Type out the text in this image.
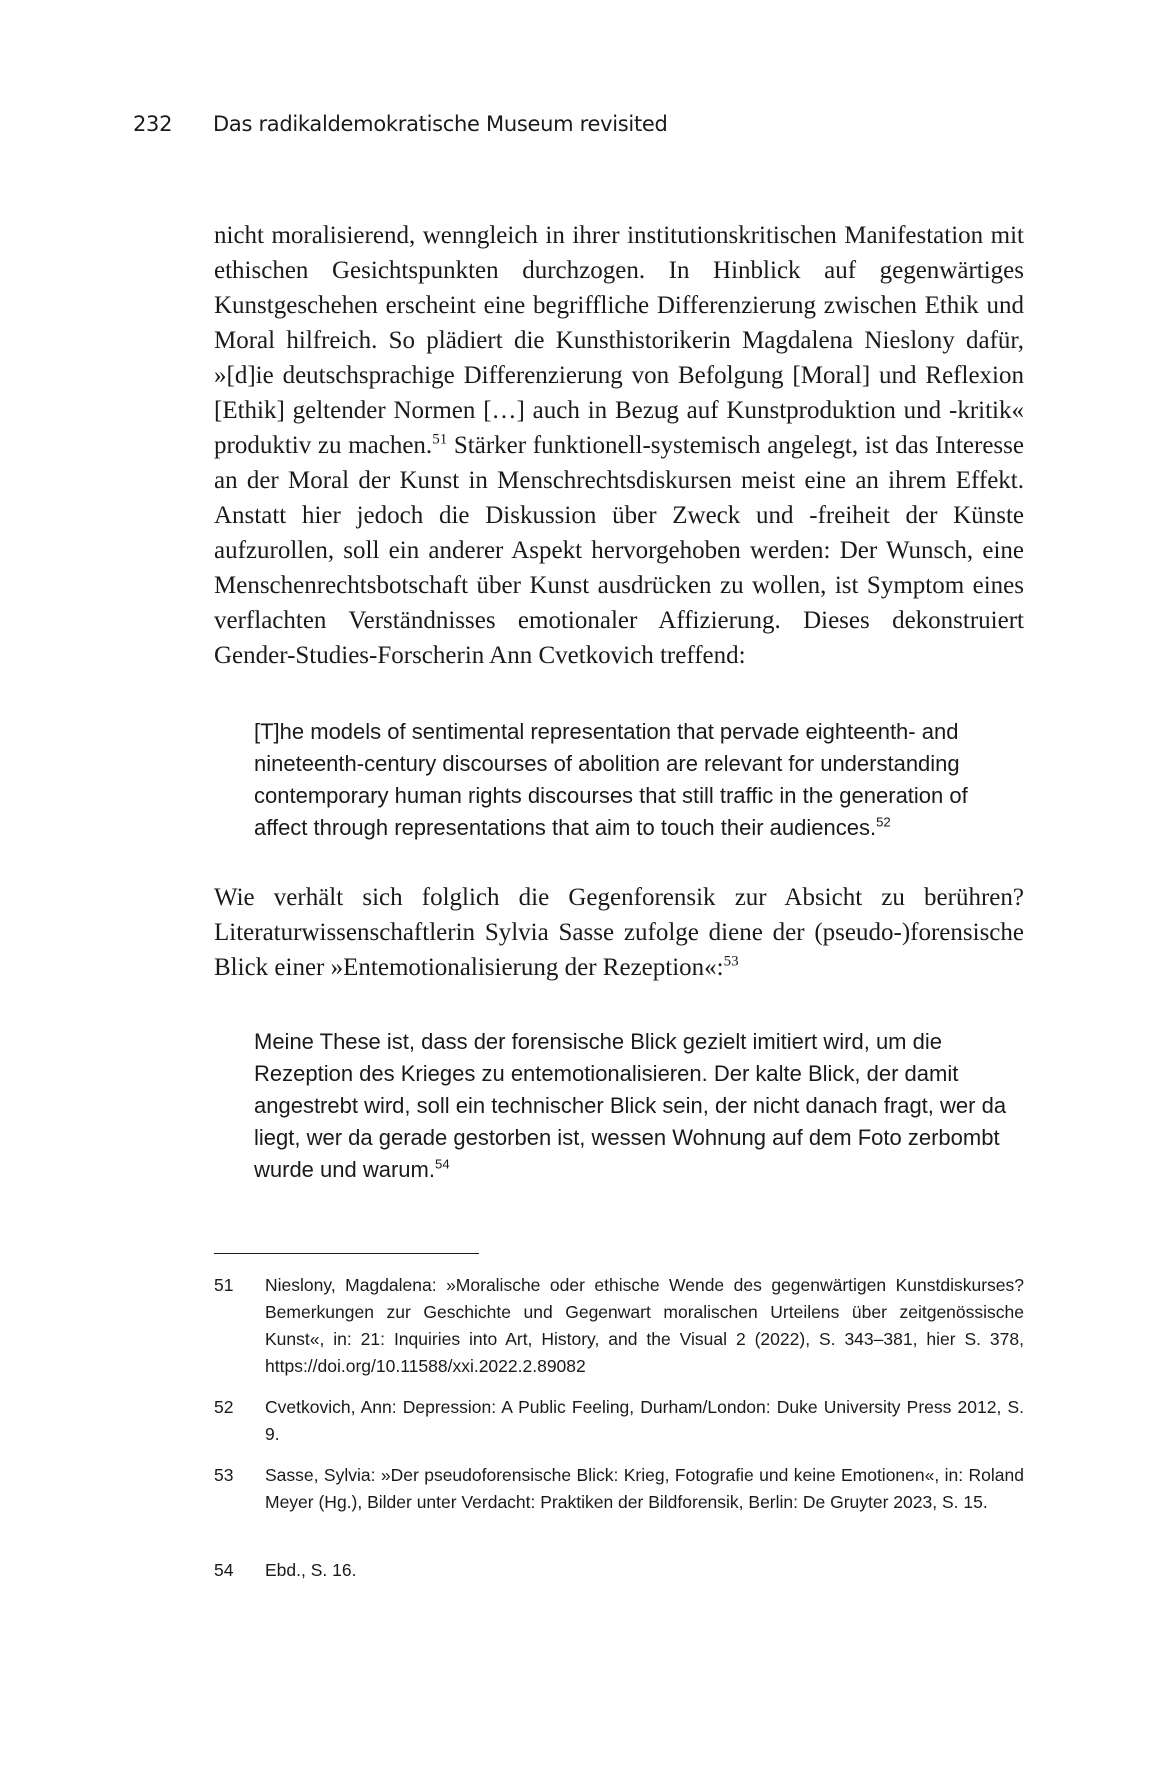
232 Das radikaldemokratische Museum revisited

nicht moralisierend, wenngleich in ihrer institutionskritischen Manifestation mit ethischen Gesichtspunkten durchzogen. In Hinblick auf gegenwärtiges Kunstgeschehen erscheint eine begriffliche Differenzierung zwischen Ethik und Moral hilfreich. So plädiert die Kunsthistorikerin Magdalena Nieslony dafür, »[d]ie deutschsprachige Differenzierung von Befolgung [Moral] und Reflexion [Ethik] geltender Normen […] auch in Bezug auf Kunstproduktion und -kritik« produktiv zu machen.$^{51}$ Stärker funktionell-systemisch angelegt, ist das Interesse an der Moral der Kunst in Menschrechtsdiskursen meist eine an ihrem Effekt. Anstatt hier jedoch die Diskussion über Zweck und -freiheit der Künste aufzurollen, soll ein anderer Aspekt hervorgehoben werden: Der Wunsch, eine Menschenrechtsbotschaft über Kunst ausdrücken zu wollen, ist Symptom eines verflachten Verständnisses emotionaler Affizierung. Dieses dekonstruiert Gender-Studies-Forscherin Ann Cvetkovich treffend:

[T]he models of sentimental representation that pervade eighteenth- and nineteenth-century discourses of abolition are relevant for understanding contemporary human rights discourses that still traffic in the generation of affect through representations that aim to touch their audiences.$^{52}$

Wie verhält sich folglich die Gegenforensik zur Absicht zu berühren? Literaturwissenschaftlerin Sylvia Sasse zufolge diene der (pseudo-)forensische Blick einer »Entemotionalisierung der Rezeption«:$^{53}$

Meine These ist, dass der forensische Blick gezielt imitiert wird, um die Rezeption des Krieges zu entemotionalisieren. Der kalte Blick, der damit angestrebt wird, soll ein technischer Blick sein, der nicht danach fragt, wer da liegt, wer da gerade gestorben ist, wessen Wohnung auf dem Foto zerbombt wurde und warum.$^{54}$

51	Nieslony, Magdalena: »Moralische oder ethische Wende des gegenwärtigen Kunstdiskurses? Bemerkungen zur Geschichte und Gegenwart moralischen Urteilens über zeitgenössische Kunst«, in: 21: Inquiries into Art, History, and the Visual 2 (2022), S. 343–381, hier S. 378, https://doi.org/10.11588/xxi.2022.2.89082
52	Cvetkovich, Ann: Depression: A Public Feeling, Durham/London: Duke University Press 2012, S. 9.
53	Sasse, Sylvia: »Der pseudoforensische Blick: Krieg, Fotografie und keine Emotionen«, in: Roland Meyer (Hg.), Bilder unter Verdacht: Praktiken der Bildforensik, Berlin: De Gruyter 2023, S. 15.
54	Ebd., S. 16.
